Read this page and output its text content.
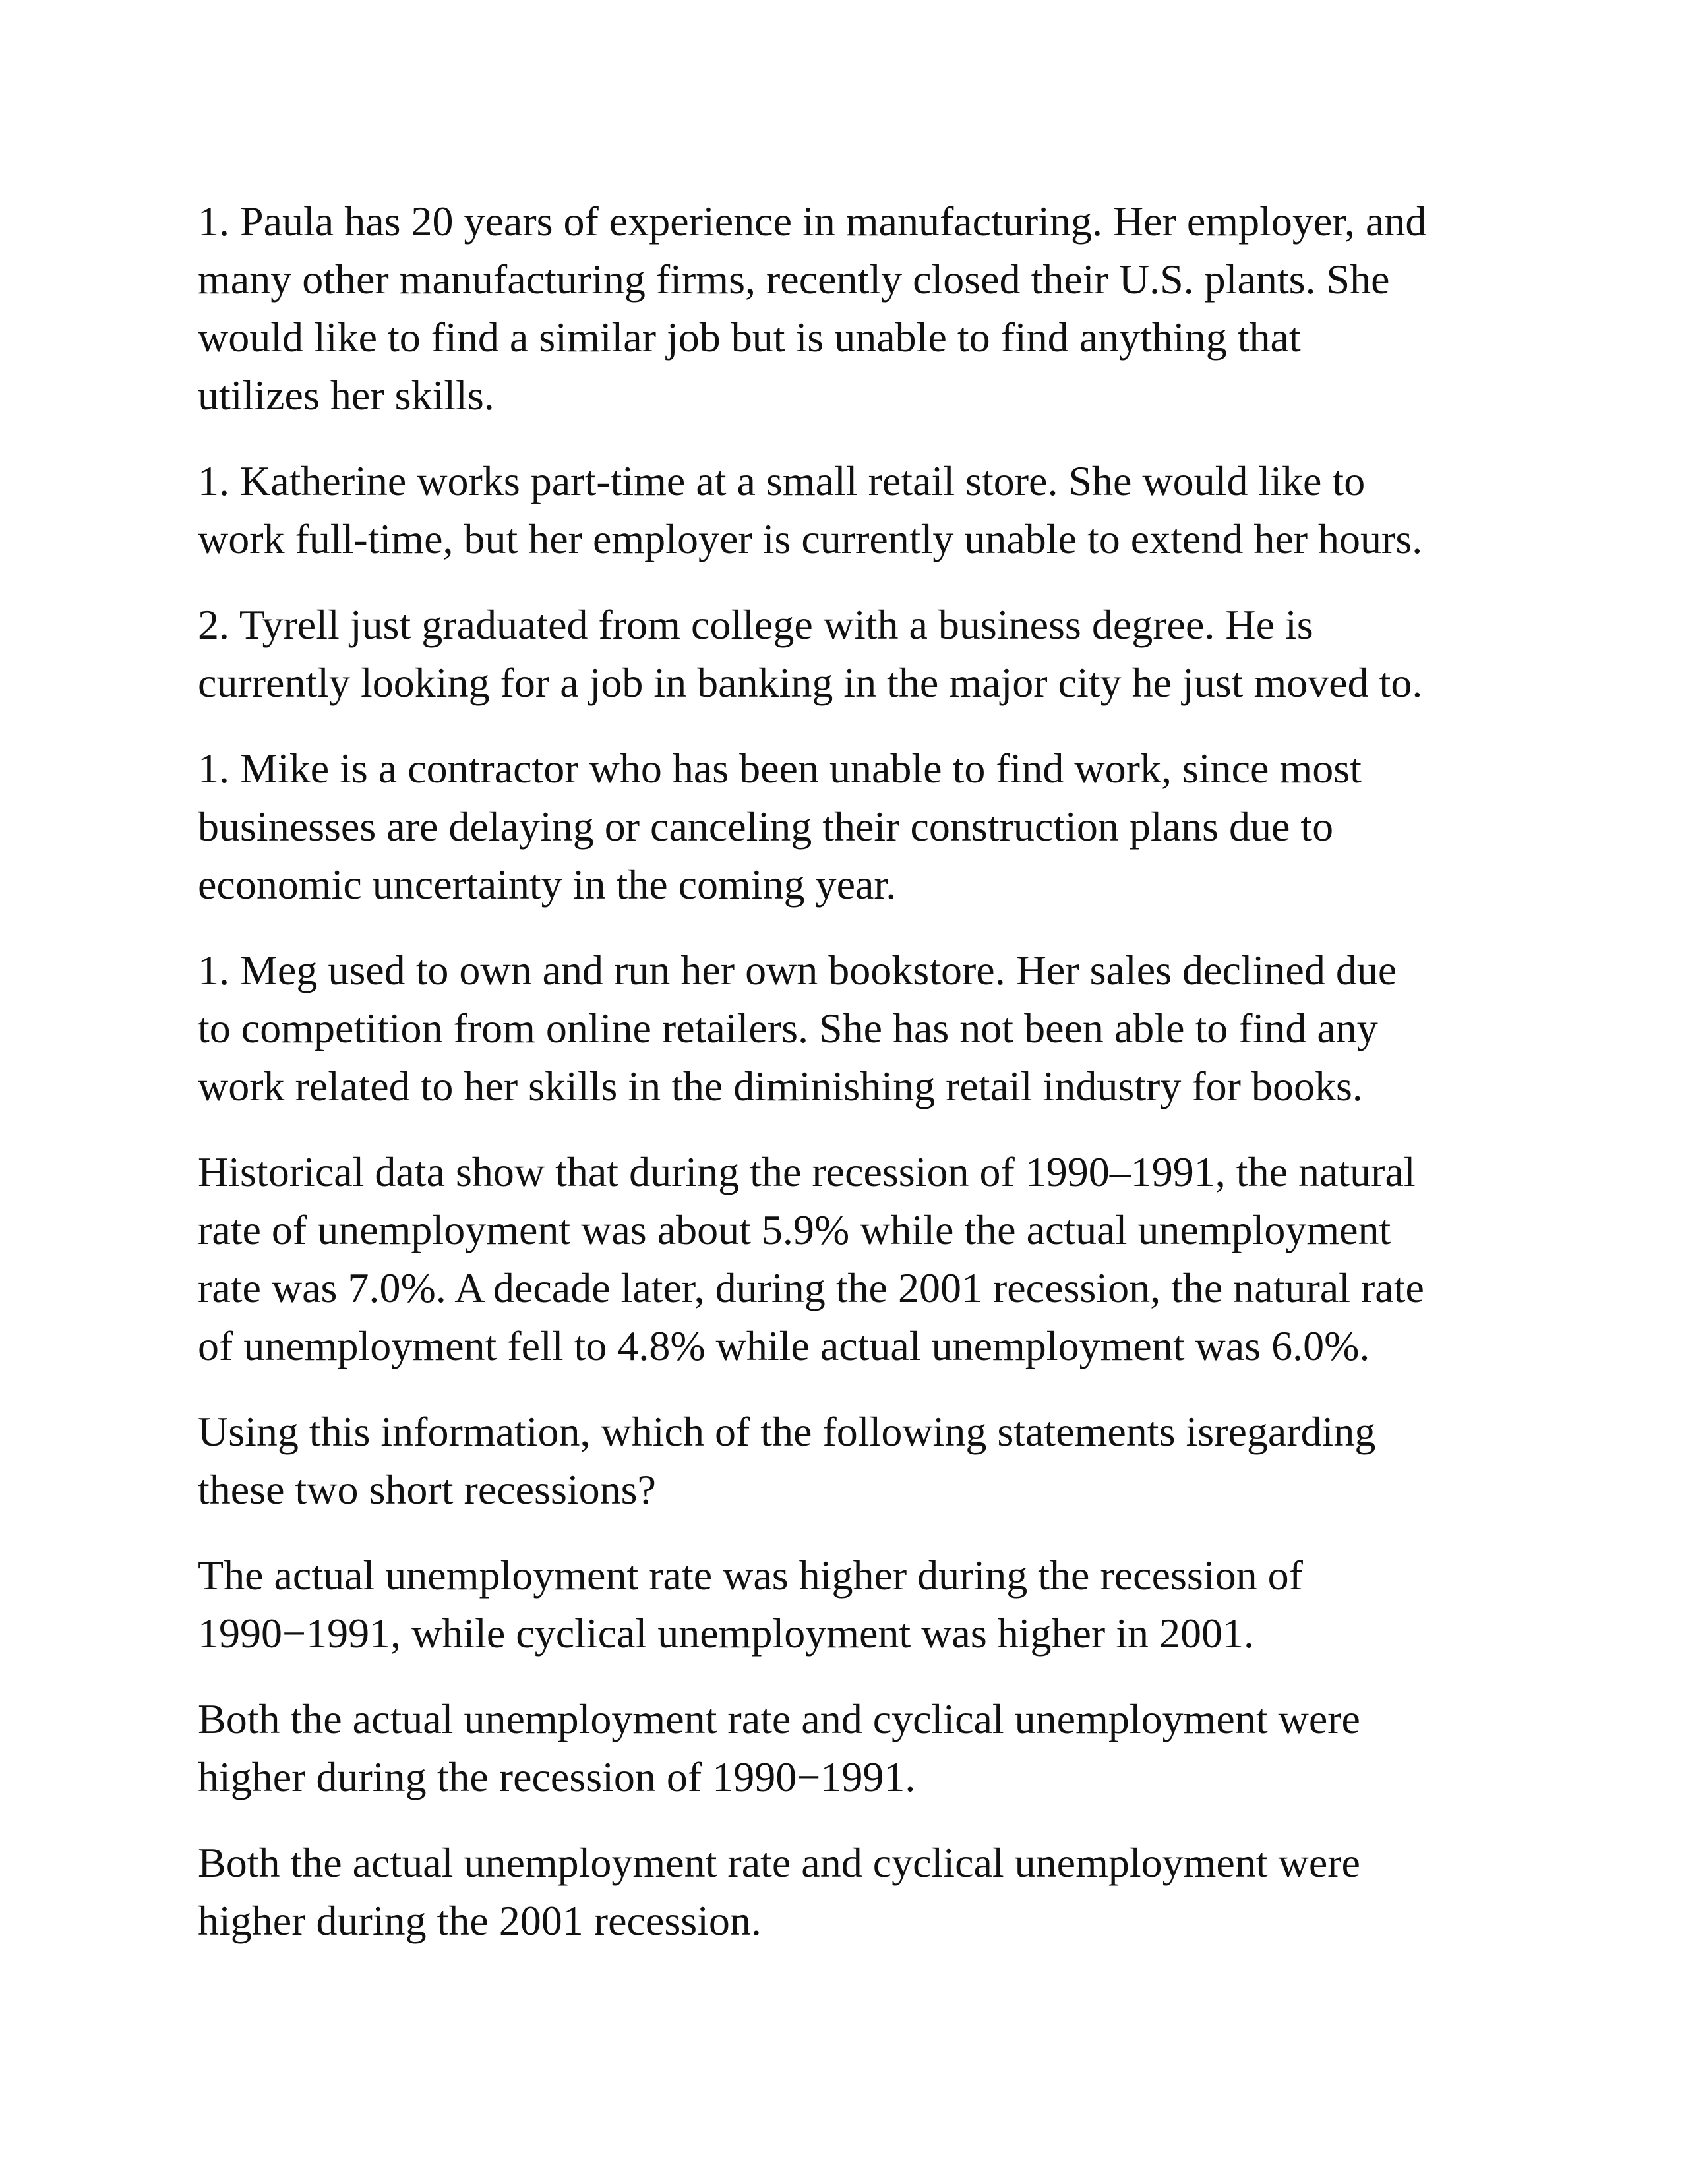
1. Paula has 20 years of experience in manufacturing. Her employer, and
many other manufacturing firms, recently closed their U.S. plants. She
would like to find a similar job but is unable to find anything that
utilizes her skills.

1. Katherine works part-time at a small retail store. She would like to
work full-time, but her employer is currently unable to extend her hours.

2. Tyrell just graduated from college with a business degree. He is
currently looking for a job in banking in the major city he just moved to.

1. Mike is a contractor who has been unable to find work, since most
businesses are delaying or canceling their construction plans due to
economic uncertainty in the coming year.

1. Meg used to own and run her own bookstore. Her sales declined due
to competition from online retailers. She has not been able to find any
work related to her skills in the diminishing retail industry for books.

Historical data show that during the recession of 1990–1991, the natural
rate of unemployment was about 5.9% while the actual unemployment
rate was 7.0%. A decade later, during the 2001 recession, the natural rate
of unemployment fell to 4.8% while actual unemployment was 6.0%.

Using this information, which of the following statements isregarding
these two short recessions?

The actual unemployment rate was higher during the recession of
1990−1991, while cyclical unemployment was higher in 2001.

Both the actual unemployment rate and cyclical unemployment were
higher during the recession of 1990−1991.

Both the actual unemployment rate and cyclical unemployment were
higher during the 2001 recession.
